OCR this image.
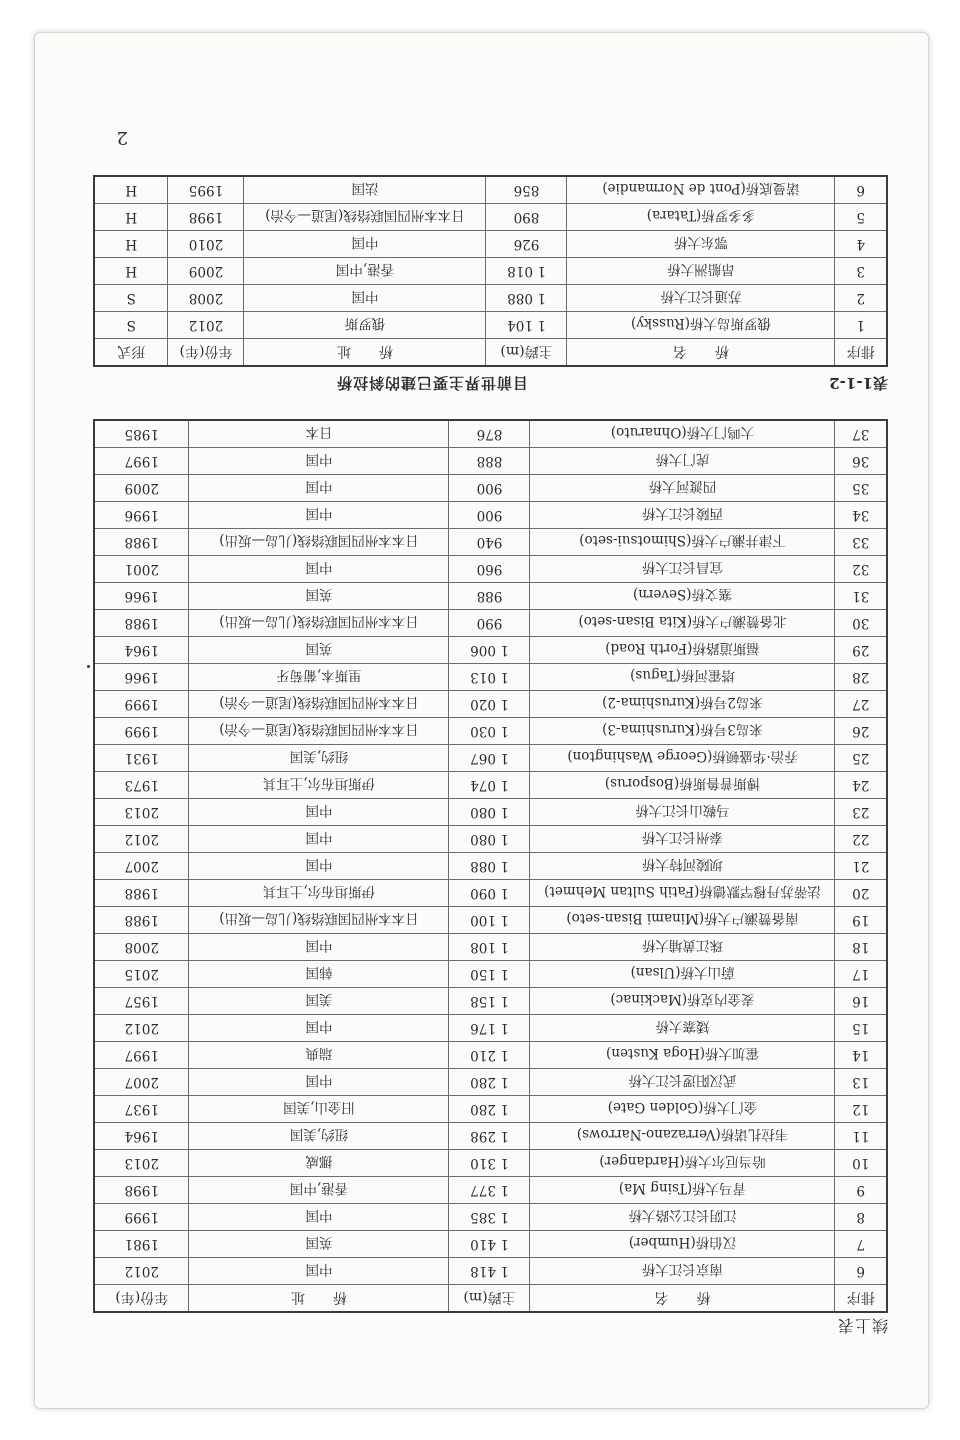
续上表
排序	桥　　名	主跨(m)	桥　　址	年份(年)
6	南京长江大桥	1 418	中国	2012
7	汉伯桥(Humber)	1 410	英国	1981
8	江阴长江公路大桥	1 385	中国	1999
9	青马大桥(Tsing Ma)	1 377	香港,中国	1998
10	哈当厄尔大桥(Hardanger)	1 310	挪威	2013
11	韦拉扎诺桥(Verrazano-Narrows)	1 298	纽约,美国	1964
12	金门大桥(Golden Gate)	1 280	旧金山,美国	1937
13	武汉阳逻长江大桥	1 280	中国	2007
14	霍加大桥(Hoga Kusten)	1 210	瑞典	1997
15	矮寨大桥	1 176	中国	2012
16	麦金内克桥(Mackinac)	1 158	美国	1957
17	蔚山大桥(Ulsan)	1 150	韩国	2015
18	珠江黄埔大桥	1 108	中国	2008
19	南备赞濑户大桥(Minami Bisan-seto)	1 100	日本本州四国联络线(儿岛—坂出)	1988
20	法蒂苏丹穆罕默德桥(Fatih Sultan Mehmet)	1 090	伊斯坦布尔,土耳其	1988
21	坝陵河特大桥	1 088	中国	2007
22	泰州长江大桥	1 080	中国	2012
23	马鞍山长江大桥	1 080	中国	2013
24	博斯普鲁斯桥(Bosporus)	1 074	伊斯坦布尔,土耳其	1973
25	乔治·华盛顿桥(George Washington)	1 067	纽约,美国	1931
26	来岛3号桥(Kurushima-3)	1 030	日本本州四国联络线(尾道—今治)	1999
27	来岛2号桥(Kurushima-2)	1 020	日本本州四国联络线(尾道—今治)	1999
28	塔霍河桥(Tagus)	1 013	里斯本,葡萄牙	1966
29	福斯道路桥(Forth Road)	1 006	英国	1964
30	北备赞濑户大桥(Kita Bisan-seto)	990	日本本州四国联络线(儿岛—坂出)	1988
31	塞文桥(Severn)	988	英国	1966
32	宜昌长江大桥	960	中国	2001
33	下津井濑户大桥(Shimotsui-seto)	940	日本本州四国联络线(儿岛—坂出)	1988
34	西陵长江大桥	900	中国	1996
35	四渡河大桥	900	中国	2009
36	虎门大桥	888	中国	1997
37	大鸣门大桥(Ohnaruto)	876	日本	1985
表1-1-2
目前世界主要已建的斜拉桥
排序	桥　　名	主跨(m)	桥　　址	年份(年)	形式
1	俄罗斯岛大桥(Russky)	1 104	俄罗斯	2012	S
2	苏通长江大桥	1 088	中国	2008	S
3	昂船洲大桥	1 018	香港,中国	2009	H
4	鄂东大桥	926	中国	2010	H
5	多多罗桥(Tatara)	890	日本本州四国联络线(尾道—今治)	1998	H
6	诺曼底桥(Pont de Normandie)	856	法国	1995	H
2
